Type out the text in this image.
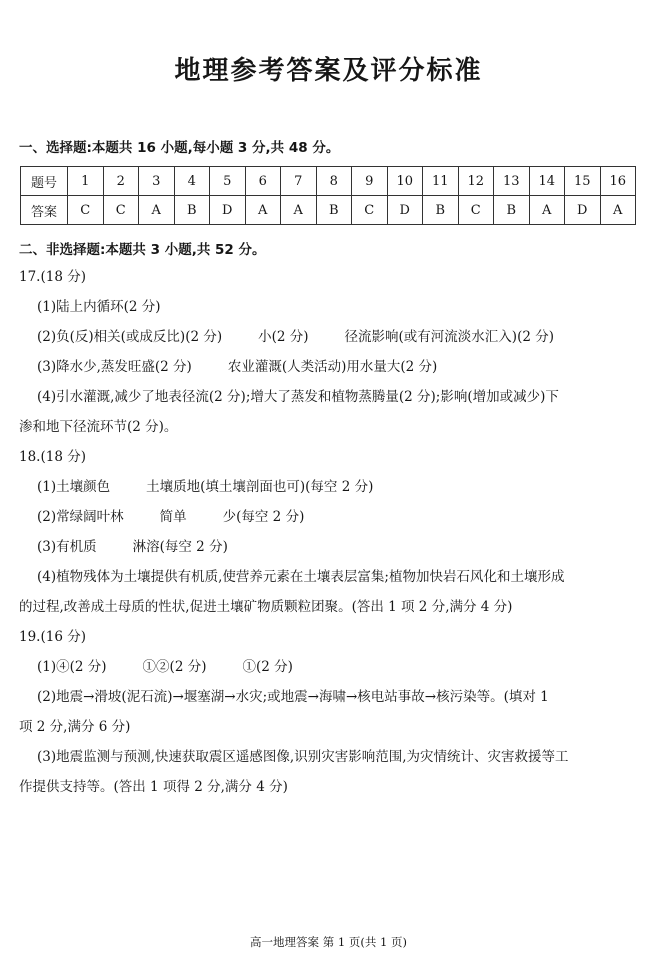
地理参考答案及评分标准
一、选择题:本题共 16 小题,每小题 3 分,共 48 分。
题号	1	2	3	4	5	6	7	8	9	10	11	12	13	14	15	16
答案	C	C	A	B	D	A	A	B	C	D	B	C	B	A	D	A
二、非选择题:本题共 3 小题,共 52 分。
17.(18 分)
(1)陆上内循环(2 分)
(2)负(反)相关(或成反比)(2 分)	小(2 分)	径流影响(或有河流淡水汇入)(2 分)
(3)降水少,蒸发旺盛(2 分)	农业灌溉(人类活动)用水量大(2 分)
(4)引水灌溉,减少了地表径流(2 分);增大了蒸发和植物蒸腾量(2 分);影响(增加或减少)下
渗和地下径流环节(2 分)。
18.(18 分)
(1)土壤颜色	土壤质地(填土壤剖面也可)(每空 2 分)
(2)常绿阔叶林	简单	少(每空 2 分)
(3)有机质	淋溶(每空 2 分)
(4)植物残体为土壤提供有机质,使营养元素在土壤表层富集;植物加快岩石风化和土壤形成
的过程,改善成土母质的性状,促进土壤矿物质颗粒团聚。(答出 1 项 2 分,满分 4 分)
19.(16 分)
(1)④(2 分)	①②(2 分)	①(2 分)
(2)地震→滑坡(泥石流)→堰塞湖→水灾;或地震→海啸→核电站事故→核污染等。(填对 1
项 2 分,满分 6 分)
(3)地震监测与预测,快速获取震区遥感图像,识别灾害影响范围,为灾情统计、灾害救援等工
作提供支持等。(答出 1 项得 2 分,满分 4 分)
高一地理答案 第 1 页(共 1 页)
